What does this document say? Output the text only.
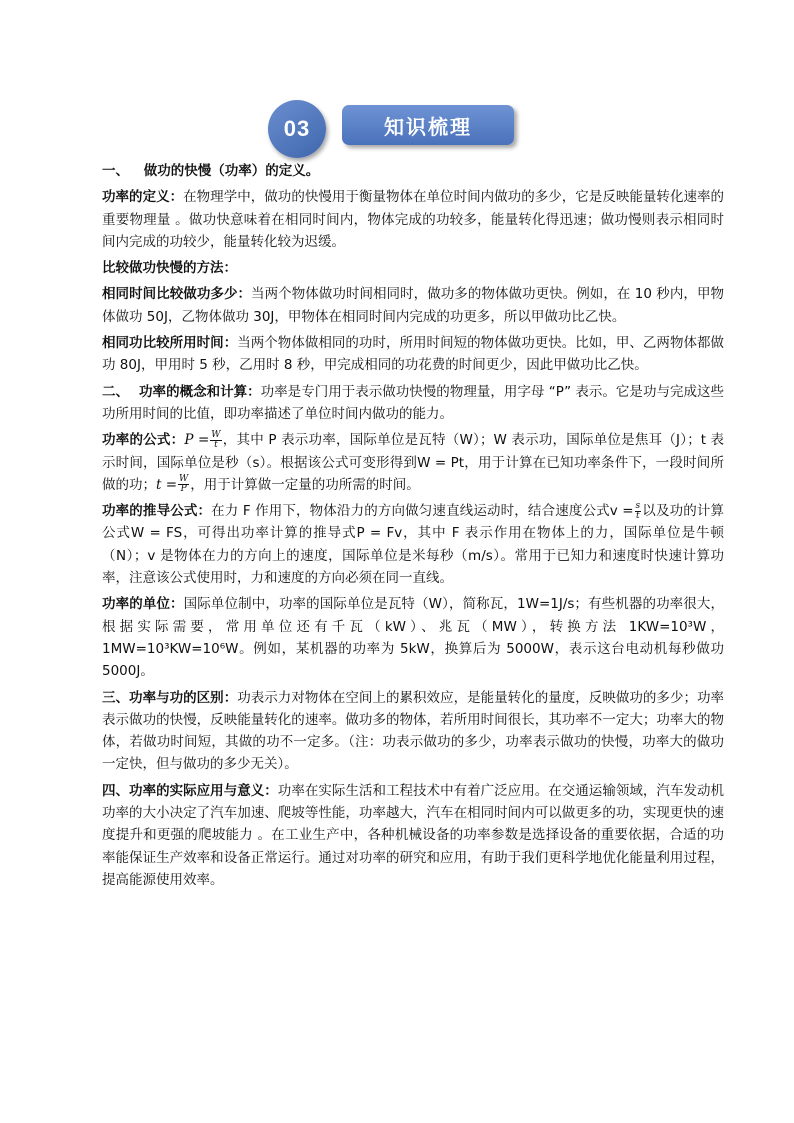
03	知识梳理

一、 做功的快慢（功率）的定义。

功率的定义：在物理学中，做功的快慢用于衡量物体在单位时间内做功的多少，它是反映能量转化速率的重要物理量 。做功快意味着在相同时间内，物体完成的功较多，能量转化得迅速；做功慢则表示相同时间内完成的功较少，能量转化较为迟缓。

比较做功快慢的方法：

相同时间比较做功多少：当两个物体做功时间相同时，做功多的物体做功更快。例如，在 10 秒内，甲物体做功 50J，乙物体做功 30J，甲物体在相同时间内完成的功更多，所以甲做功比乙快。

相同功比较所用时间：当两个物体做相同的功时，所用时间短的物体做功更快。比如，甲、乙两物体都做功 80J，甲用时 5 秒，乙用时 8 秒，甲完成相同的功花费的时间更少，因此甲做功比乙快。

二、 功率的概念和计算：功率是专门用于表示做功快慢的物理量，用字母 “P” 表示。它是功与完成这些功所用时间的比值，即功率描述了单位时间内做功的能力。

功率的公式：$P = \frac{W}{t}$ ，其中 P 表示功率，国际单位是瓦特（W）；W 表示功，国际单位是焦耳（J）；t 表示时间，国际单位是秒（s）。根据该公式可变形得到W = Pt，用于计算在已知功率条件下，一段时间所做的功；$t = \frac{W}{P}$ ，用于计算做一定量的功所需的时间。

功率的推导公式：在力 F 作用下，物体沿力的方向做匀速直线运动时，结合速度公式$v = \frac{s}{t}$ 以及功的计算公式W = FS，可得出功率计算的推导式P = Fv，其中 F 表示作用在物体上的力，国际单位是牛顿（N）；v 是物体在力的方向上的速度，国际单位是米每秒（m/s）。常用于已知力和速度时快速计算功率，注意该公式使用时，力和速度的方向必须在同一直线。

功率的单位：国际单位制中，功率的国际单位是瓦特（W），简称瓦，1W=1J/s；有些机器的功率很大，根据实际需要，常用单位还有千瓦（kW）、兆瓦（MW），转换方法 1KW=10³W，1MW=10³KW=10⁶W。例如，某机器的功率为 5kW，换算后为 5000W，表示这台电动机每秒做功 5000J。

三、功率与功的区别：功表示力对物体在空间上的累积效应，是能量转化的量度，反映做功的多少；功率表示做功的快慢，反映能量转化的速率。做功多的物体，若所用时间很长，其功率不一定大；功率大的物体，若做功时间短，其做的功不一定多。（注：功表示做功的多少，功率表示做功的快慢，功率大的做功一定快，但与做功的多少无关）。

四、功率的实际应用与意义：功率在实际生活和工程技术中有着广泛应用。在交通运输领域，汽车发动机功率的大小决定了汽车加速、爬坡等性能，功率越大，汽车在相同时间内可以做更多的功，实现更快的速度提升和更强的爬坡能力 。在工业生产中，各种机械设备的功率参数是选择设备的重要依据，合适的功率能保证生产效率和设备正常运行。通过对功率的研究和应用，有助于我们更科学地优化能量利用过程，提高能源使用效率。
